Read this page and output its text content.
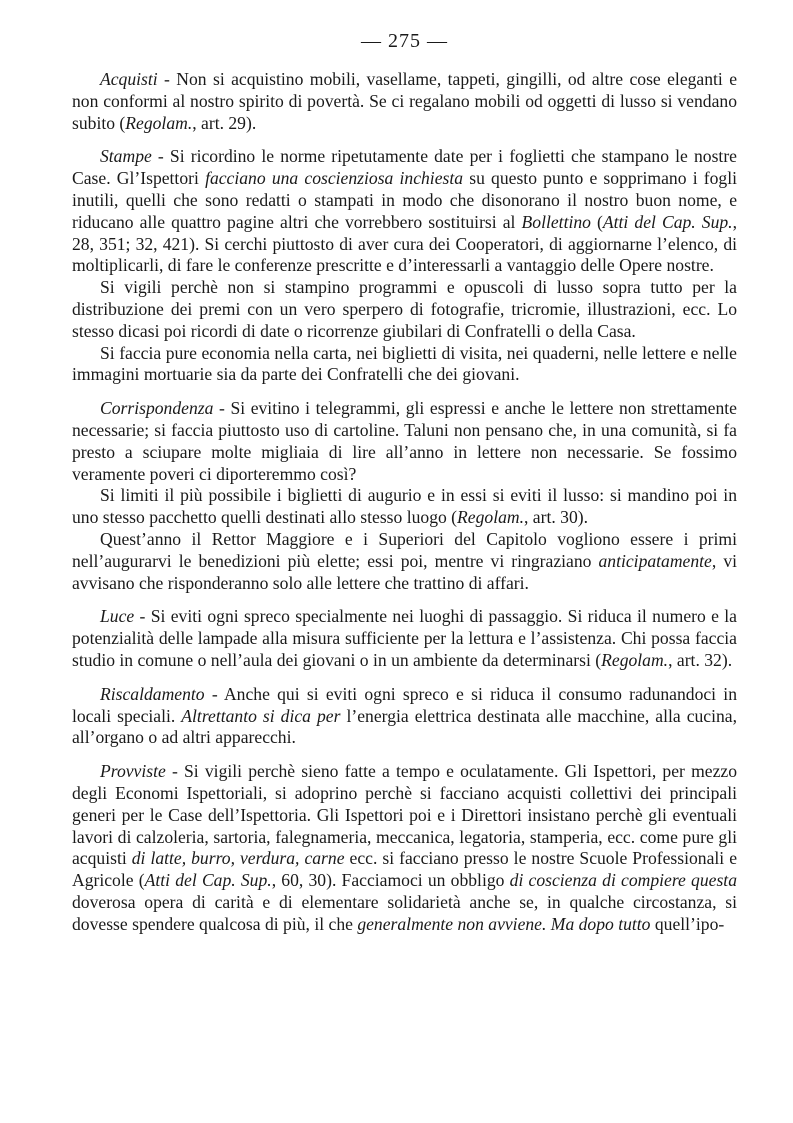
— 275 —

Acquisti - Non si acquistino mobili, vasellame, tappeti, gingilli, od altre cose eleganti e non conformi al nostro spirito di povertà. Se ci regalano mobili od oggetti di lusso si vendano subito (Regolam., art. 29).

Stampe - Si ricordino le norme ripetutamente date per i foglietti che stampano le nostre Case. Gl’Ispettori facciano una coscienziosa inchiesta su questo punto e sopprimano i fogli inutili, quelli che sono redatti o stampati in modo che disonorano il nostro buon nome, e riducano alle quattro pagine altri che vorrebbero sostituirsi al Bollettino (Atti del Cap. Sup., 28, 351; 32, 421). Si cerchi piuttosto di aver cura dei Cooperatori, di aggiornarne l’elenco, di moltiplicarli, di fare le conferenze prescritte e d’interessarli a vantaggio delle Opere nostre.

Si vigili perchè non si stampino programmi e opuscoli di lusso sopra tutto per la distribuzione dei premi con un vero sperpero di fotografie, tricromie, illustrazioni, ecc. Lo stesso dicasi poi ricordi di date o ricorrenze giubilari di Confratelli o della Casa.

Si faccia pure economia nella carta, nei biglietti di visita, nei quaderni, nelle lettere e nelle immagini mortuarie sia da parte dei Confratelli che dei giovani.

Corrispondenza - Si evitino i telegrammi, gli espressi e anche le lettere non strettamente necessarie; si faccia piuttosto uso di cartoline. Taluni non pensano che, in una comunità, si fa presto a sciupare molte migliaia di lire all’anno in lettere non necessarie. Se fossimo veramente poveri ci diporteremmo così?

Si limiti il più possibile i biglietti di augurio e in essi si eviti il lusso: si mandino poi in uno stesso pacchetto quelli destinati allo stesso luogo (Regolam., art. 30).

Quest’anno il Rettor Maggiore e i Superiori del Capitolo vogliono essere i primi nell’augurarvi le benedizioni più elette; essi poi, mentre vi ringraziano anticipatamente, vi avvisano che risponderanno solo alle lettere che trattino di affari.

Luce - Si eviti ogni spreco specialmente nei luoghi di passaggio. Si riduca il numero e la potenzialità delle lampade alla misura sufficiente per la lettura e l’assistenza. Chi possa faccia studio in comune o nell’aula dei giovani o in un ambiente da determinarsi (Regolam., art. 32).

Riscaldamento - Anche qui si eviti ogni spreco e si riduca il consumo radunandoci in locali speciali. Altrettanto si dica per l’energia elettrica destinata alle macchine, alla cucina, all’organo o ad altri apparecchi.

Provviste - Si vigili perchè sieno fatte a tempo e oculatamente. Gli Ispettori, per mezzo degli Economi Ispettoriali, si adoprino perchè si facciano acquisti collettivi dei principali generi per le Case dell’Ispettoria. Gli Ispettori poi e i Direttori insistano perchè gli eventuali lavori di calzoleria, sartoria, falegnameria, meccanica, legatoria, stamperia, ecc. come pure gli acquisti di latte, burro, verdura, carne ecc. si facciano presso le nostre Scuole Professionali e Agricole (Atti del Cap. Sup., 60, 30). Facciamoci un obbligo di coscienza di compiere questa doverosa opera di carità e di elementare solidarietà anche se, in qualche circostanza, si dovesse spendere qualcosa di più, il che generalmente non avviene. Ma dopo tutto quell’ipo-
